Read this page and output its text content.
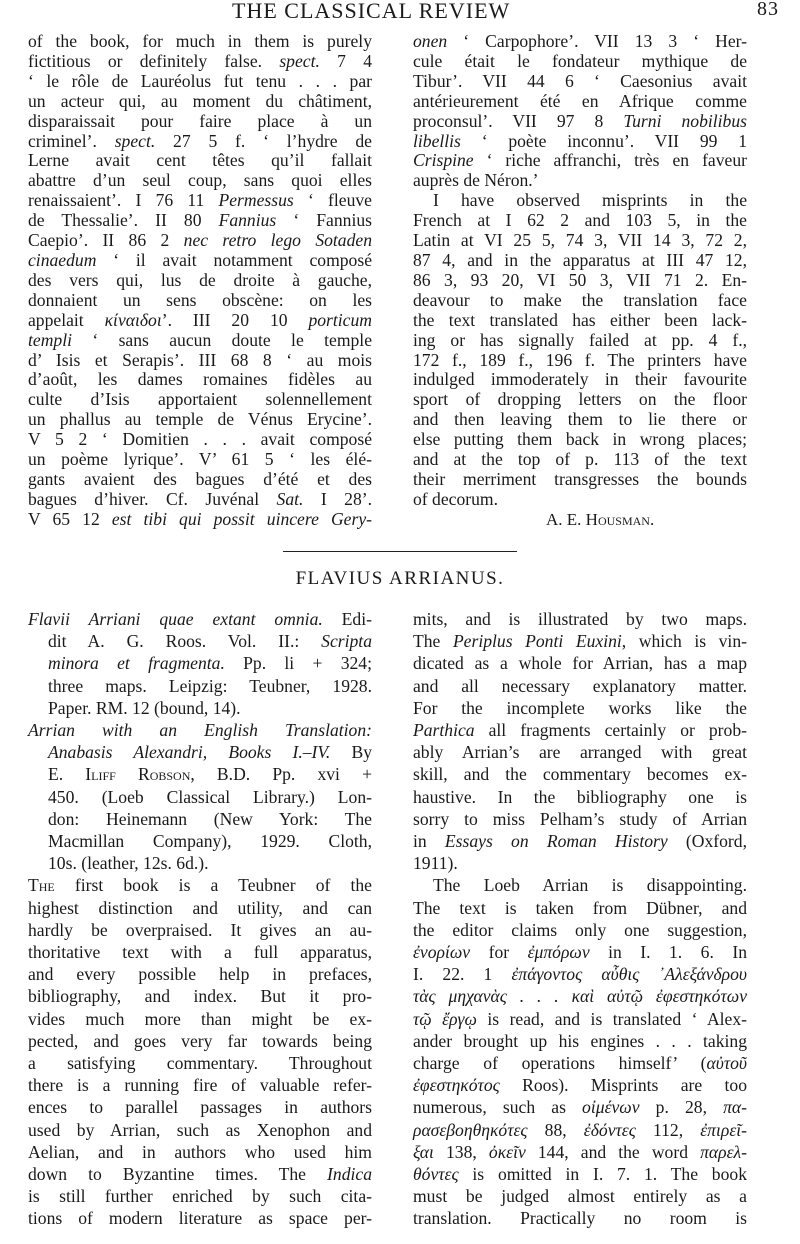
THE CLASSICAL REVIEW	83
of the book, for much in them is purely
fictitious or definitely false. spect. 7 4
‘ le rôle de Lauréolus fut tenu . . . par
un acteur qui, au moment du châtiment,
disparaissait pour faire place à un
criminel’. spect. 27 5 f. ‘ l’hydre de
Lerne avait cent têtes qu’il fallait
abattre d’un seul coup, sans quoi elles
renaissaient’. I 76 11 Permessus ‘ fleuve
de Thessalie’. II 80 Fannius ‘ Fannius
Caepio’. II 86 2 nec retro lego Sotaden
cinaedum ‘ il avait notamment composé
des vers qui, lus de droite à gauche,
donnaient un sens obscène: on les
appelait κίναιδοι’. III 20 10 porticum
templi ‘ sans aucun doute le temple
d’ Isis et Serapis’. III 68 8 ‘ au mois
d’août, les dames romaines fidèles au
culte d’Isis apportaient solennellement
un phallus au temple de Vénus Erycine’.
V 5 2 ‘ Domitien . . . avait composé
un poème lyrique’. V’ 61 5 ‘ les élé-
gants avaient des bagues d’été et des
bagues d’hiver. Cf. Juvénal Sat. I 28’.
V 65 12 est tibi qui possit uincere Gery-
onen ‘ Carpophore’. VII 13 3 ‘ Her-
cule était le fondateur mythique de
Tibur’. VII 44 6 ‘ Caesonius avait
antérieurement été en Afrique comme
proconsul’. VII 97 8 Turni nobilibus
libellis ‘ poète inconnu’. VII 99 1
Crispine ‘ riche affranchi, très en faveur
auprès de Néron.’
I have observed misprints in the
French at I 62 2 and 103 5, in the
Latin at VI 25 5, 74 3, VII 14 3, 72 2,
87 4, and in the apparatus at III 47 12,
86 3, 93 20, VI 50 3, VII 71 2. En-
deavour to make the translation face
the text translated has either been lack-
ing or has signally failed at pp. 4 f.,
172 f., 189 f., 196 f. The printers have
indulged immoderately in their favourite
sport of dropping letters on the floor
and then leaving them to lie there or
else putting them back in wrong places;
and at the top of p. 113 of the text
their merriment transgresses the bounds
of decorum.
A. E. Housman.
FLAVIUS ARRIANUS.
Flavii Arriani quae extant omnia. Edi-
dit A. G. Roos. Vol. II.: Scripta
minora et fragmenta. Pp. li + 324;
three maps. Leipzig: Teubner, 1928.
Paper. RM. 12 (bound, 14).
Arrian with an English Translation:
Anabasis Alexandri, Books I.–IV. By
E. Iliff Robson, B.D. Pp. xvi +
450. (Loeb Classical Library.) Lon-
don: Heinemann (New York: The
Macmillan Company), 1929. Cloth,
10s. (leather, 12s. 6d.).
The first book is a Teubner of the
highest distinction and utility, and can
hardly be overpraised. It gives an au-
thoritative text with a full apparatus,
and every possible help in prefaces,
bibliography, and index. But it pro-
vides much more than might be ex-
pected, and goes very far towards being
a satisfying commentary. Throughout
there is a running fire of valuable refer-
ences to parallel passages in authors
used by Arrian, such as Xenophon and
Aelian, and in authors who used him
down to Byzantine times. The Indica
is still further enriched by such cita-
tions of modern literature as space per-
mits, and is illustrated by two maps.
The Periplus Ponti Euxini, which is vin-
dicated as a whole for Arrian, has a map
and all necessary explanatory matter.
For the incomplete works like the
Parthica all fragments certainly or prob-
ably Arrian’s are arranged with great
skill, and the commentary becomes ex-
haustive. In the bibliography one is
sorry to miss Pelham’s study of Arrian
in Essays on Roman History (Oxford,
1911).
The Loeb Arrian is disappointing.
The text is taken from Dübner, and
the editor claims only one suggestion,
ἐνορίων for ἐμπόρων in I. 1. 6. In
I. 22. 1 ἐπάγοντος αὖθις ᾿Αλεξάνδρου
τὰς μηχανὰς . . . καὶ αὐτῷ ἐφεστηκότων
τῷ ἔργῳ is read, and is translated ‘ Alex-
ander brought up his engines . . . taking
charge of operations himself’ (αὐτοῦ
ἐφεστηκότος Roos). Misprints are too
numerous, such as οἰμένων p. 28, πα-
ρασεβοηθηκότες 88, ἐδόντες 112, ἐπιρεῖ-
ξαι 138, ὀκεῖν 144, and the word παρελ-
θόντες is omitted in I. 7. 1. The book
must be judged almost entirely as a
translation. Practically no room is
